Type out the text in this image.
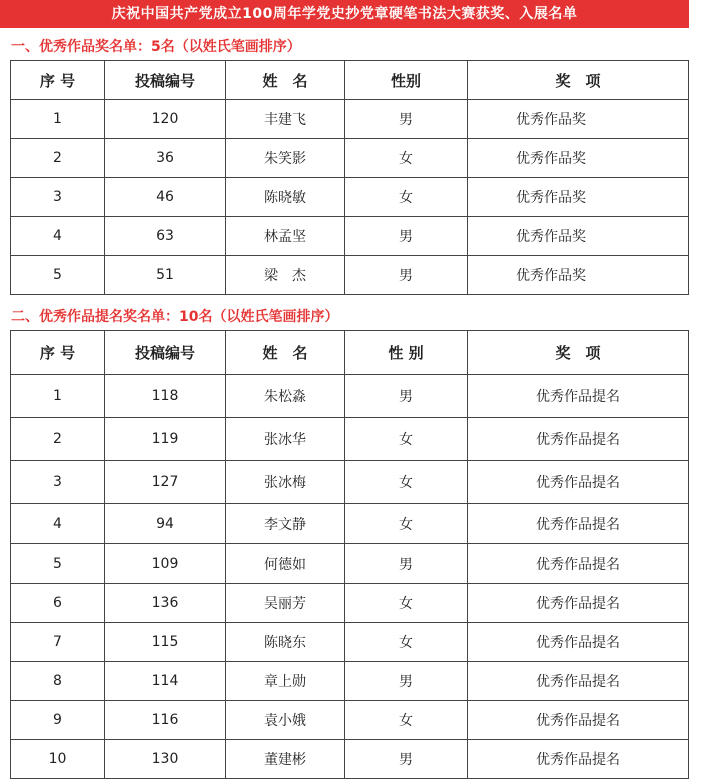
庆祝中国共产党成立100周年学党史抄党章硬笔书法大赛获奖、入展名单
一、优秀作品奖名单：5名（以姓氏笔画排序）
序 号	投稿编号	姓　名	性别	奖　项
1	120	丰建飞	男	优秀作品奖
2	36	朱笑影	女	优秀作品奖
3	46	陈晓敏	女	优秀作品奖
4	63	林孟坚	男	优秀作品奖
5	51	梁　杰	男	优秀作品奖
二、优秀作品提名奖名单：10名（以姓氏笔画排序）
序 号	投稿编号	姓　名	性 别	奖　项
1	118	朱松淼	男	优秀作品提名
2	119	张冰华	女	优秀作品提名
3	127	张冰梅	女	优秀作品提名
4	94	李文静	女	优秀作品提名
5	109	何德如	男	优秀作品提名
6	136	吴丽芳	女	优秀作品提名
7	115	陈晓东	女	优秀作品提名
8	114	章上勋	男	优秀作品提名
9	116	袁小娥	女	优秀作品提名
10	130	董建彬	男	优秀作品提名
